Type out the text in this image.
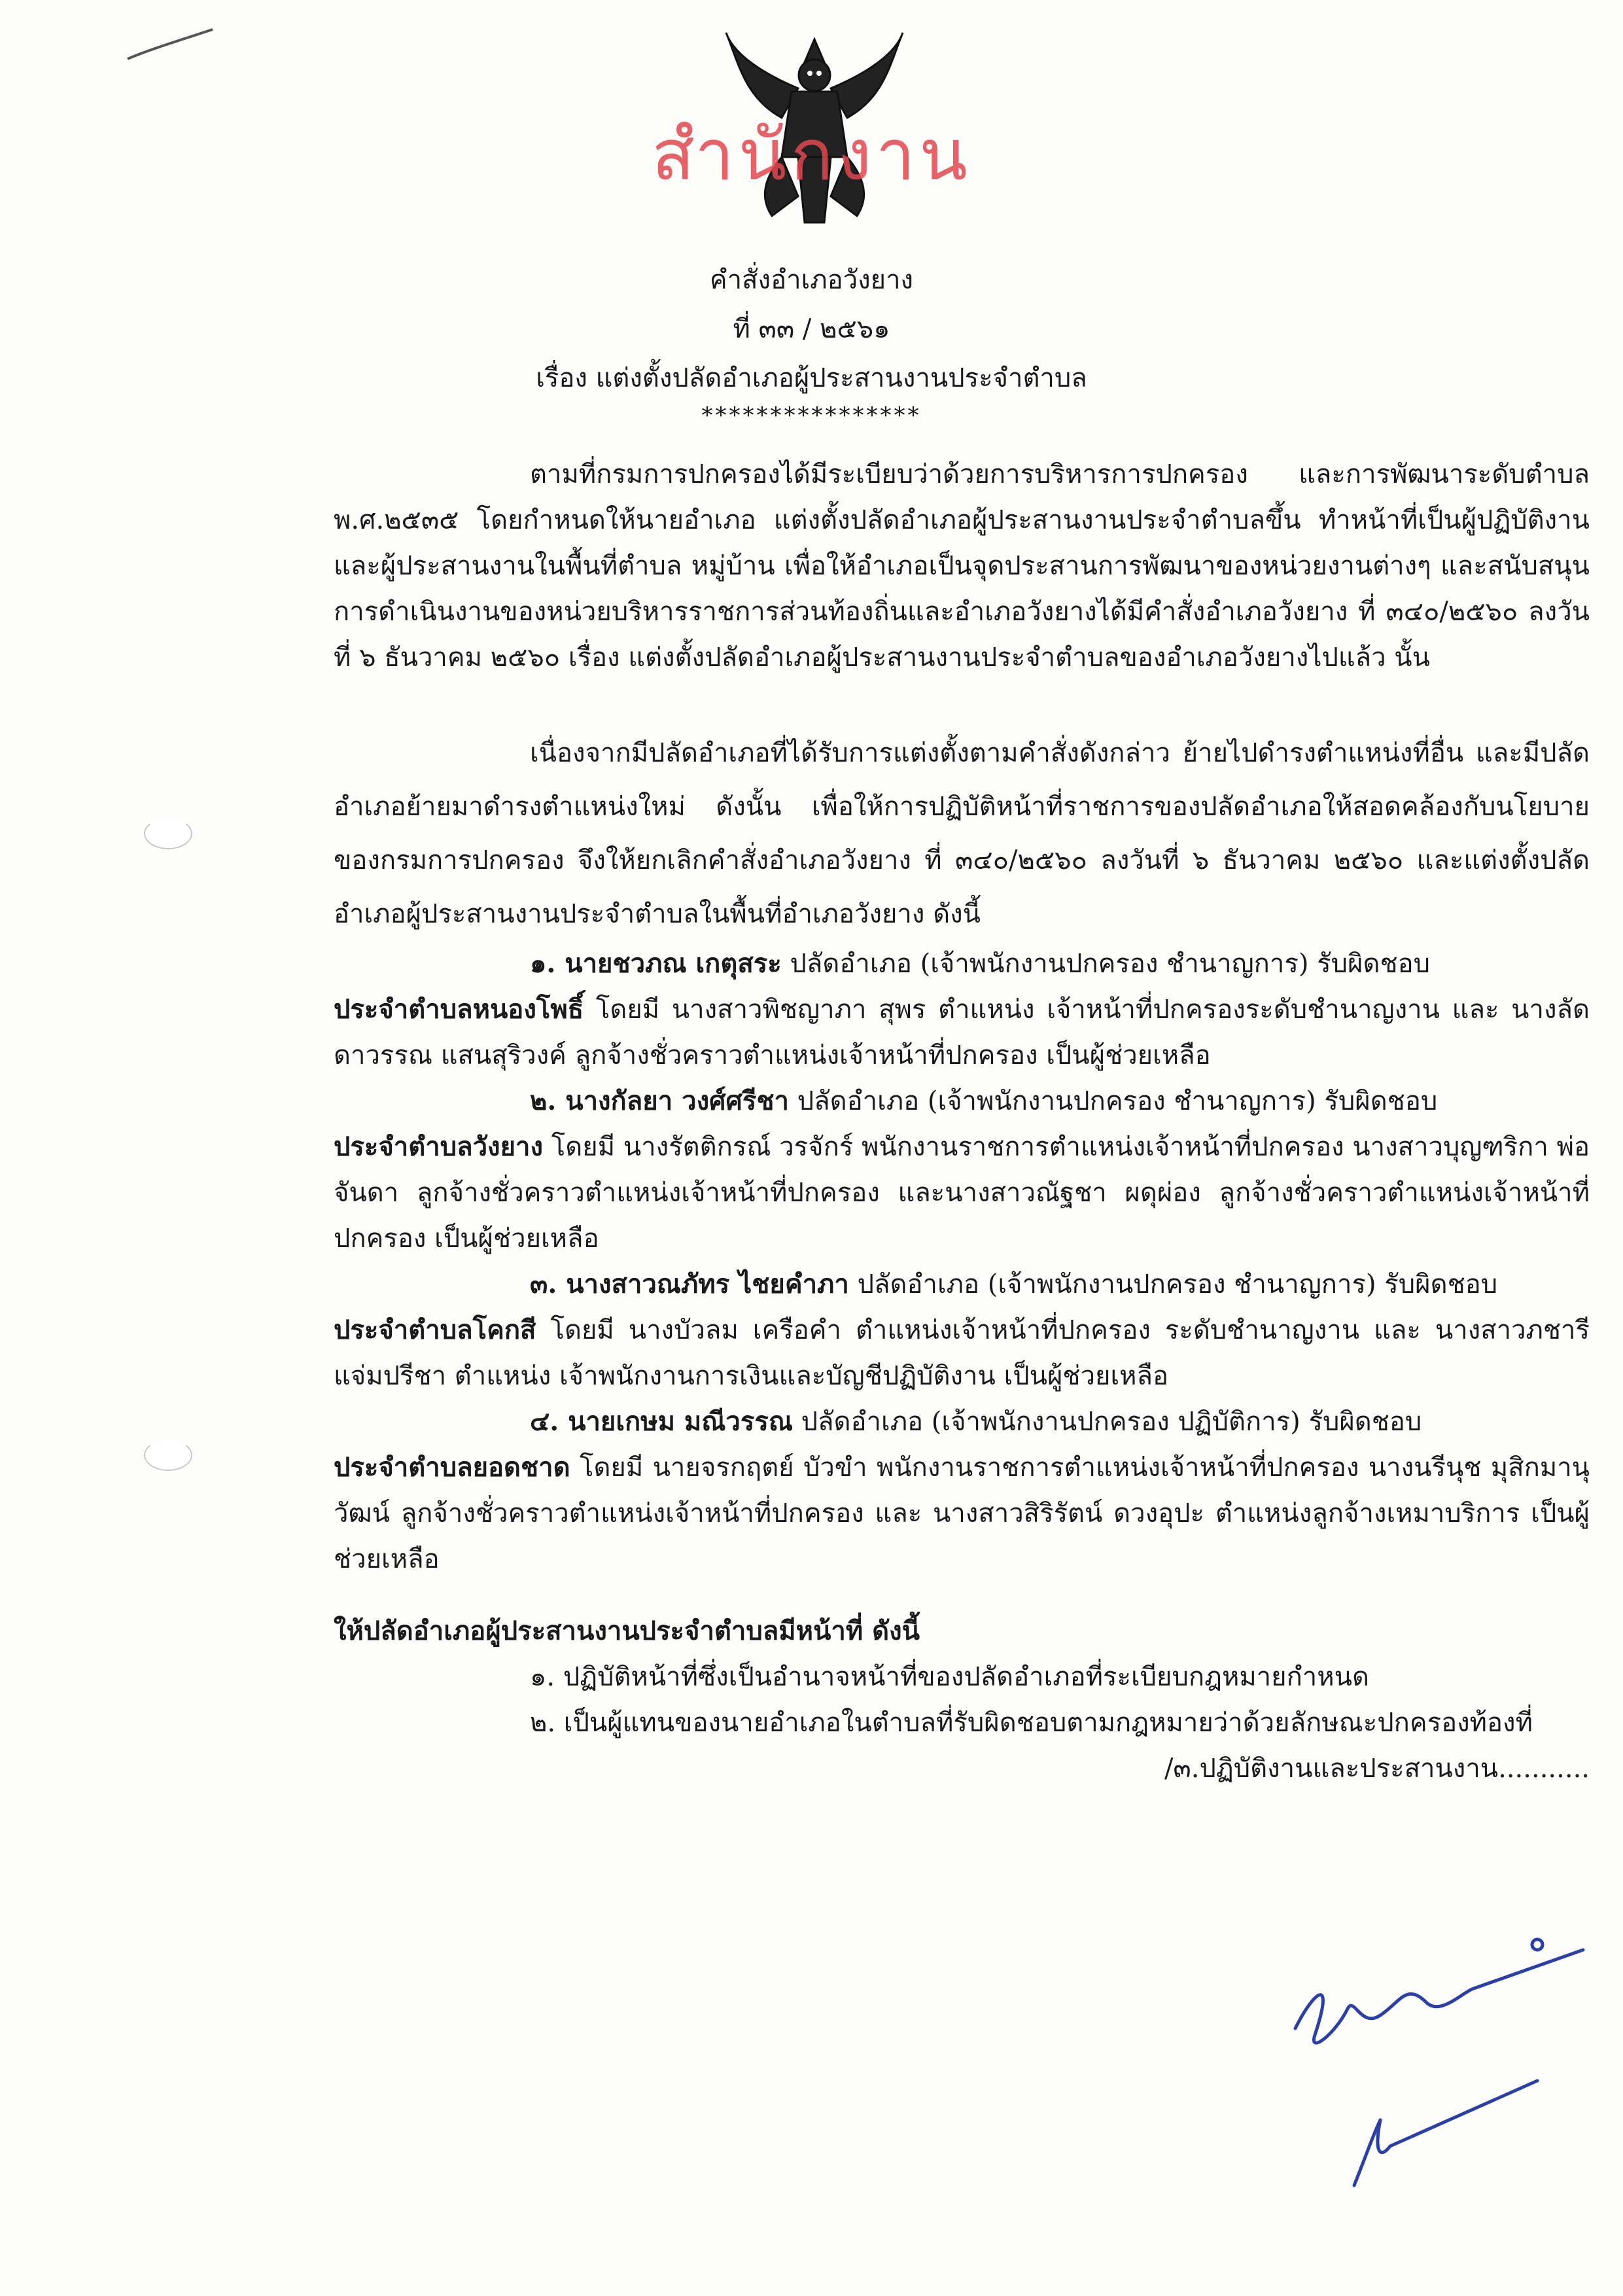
สำนักงาน
คำสั่งอำเภอวังยาง
ที่ ๓๓ / ๒๕๖๑
เรื่อง แต่งตั้งปลัดอำเภอผู้ประสานงานประจำตำบล
****************

ตามที่กรมการปกครองได้มีระเบียบว่าด้วยการบริหารการปกครอง และการพัฒนาระดับตำบล พ.ศ.๒๕๓๕ โดยกำหนดให้นายอำเภอ แต่งตั้งปลัดอำเภอผู้ประสานงานประจำตำบลขึ้น ทำหน้าที่เป็นผู้ปฏิบัติงานและผู้ประสานงานในพื้นที่ตำบล หมู่บ้าน เพื่อให้อำเภอเป็นจุดประสานการพัฒนาของหน่วยงานต่างๆ และสนับสนุนการดำเนินงานของหน่วยบริหารราชการส่วนท้องถิ่นและอำเภอวังยางได้มีคำสั่งอำเภอวังยาง ที่ ๓๔๐/๒๕๖๐ ลงวันที่ ๖ ธันวาคม ๒๕๖๐ เรื่อง แต่งตั้งปลัดอำเภอผู้ประสานงานประจำตำบลของอำเภอวังยางไปแล้ว นั้น

เนื่องจากมีปลัดอำเภอที่ได้รับการแต่งตั้งตามคำสั่งดังกล่าว ย้ายไปดำรงตำแหน่งที่อื่น และมีปลัดอำเภอย้ายมาดำรงตำแหน่งใหม่ ดังนั้น เพื่อให้การปฏิบัติหน้าที่ราชการของปลัดอำเภอให้สอดคล้องกับนโยบายของกรมการปกครอง จึงให้ยกเลิกคำสั่งอำเภอวังยาง ที่ ๓๔๐/๒๕๖๐ ลงวันที่ ๖ ธันวาคม ๒๕๖๐ และแต่งตั้งปลัดอำเภอผู้ประสานงานประจำตำบลในพื้นที่อำเภอวังยาง ดังนี้

๑. นายชวภณ เกตุสระ ปลัดอำเภอ (เจ้าพนักงานปกครอง ชำนาญการ) รับผิดชอบ

ประจำตำบลหนองโพธิ์ โดยมี นางสาวพิชญาภา สุพร ตำแหน่ง เจ้าหน้าที่ปกครองระดับชำนาญงาน และ นางลัดดาวรรณ แสนสุริวงค์ ลูกจ้างชั่วคราวตำแหน่งเจ้าหน้าที่ปกครอง เป็นผู้ช่วยเหลือ

๒. นางกัลยา วงศ์ศรีชา ปลัดอำเภอ (เจ้าพนักงานปกครอง ชำนาญการ) รับผิดชอบ

ประจำตำบลวังยาง โดยมี นางรัตติกรณ์ วรจักร์ พนักงานราชการตำแหน่งเจ้าหน้าที่ปกครอง นางสาวบุญฑริกา พ่อจันดา ลูกจ้างชั่วคราวตำแหน่งเจ้าหน้าที่ปกครอง และนางสาวณัฐชา ผดุผ่อง ลูกจ้างชั่วคราวตำแหน่งเจ้าหน้าที่ปกครอง เป็นผู้ช่วยเหลือ

๓. นางสาวณภัทร ไชยคำภา ปลัดอำเภอ (เจ้าพนักงานปกครอง ชำนาญการ) รับผิดชอบ

ประจำตำบลโคกสี โดยมี นางบัวลม เครือคำ ตำแหน่งเจ้าหน้าที่ปกครอง ระดับชำนาญงาน และ นางสาวภชารี แจ่มปรีชา ตำแหน่ง เจ้าพนักงานการเงินและบัญชีปฏิบัติงาน เป็นผู้ช่วยเหลือ

๔. นายเกษม มณีวรรณ ปลัดอำเภอ (เจ้าพนักงานปกครอง ปฏิบัติการ) รับผิดชอบ

ประจำตำบลยอดชาด โดยมี นายจรกฤตย์ บัวขำ พนักงานราชการตำแหน่งเจ้าหน้าที่ปกครอง นางนรีนุช มุสิกมานุวัฒน์ ลูกจ้างชั่วคราวตำแหน่งเจ้าหน้าที่ปกครอง และ นางสาวสิริรัตน์ ดวงอุปะ ตำแหน่งลูกจ้างเหมาบริการ เป็นผู้ช่วยเหลือ

ให้ปลัดอำเภอผู้ประสานงานประจำตำบลมีหน้าที่ ดังนี้

๑. ปฏิบัติหน้าที่ซึ่งเป็นอำนาจหน้าที่ของปลัดอำเภอที่ระเบียบกฎหมายกำหนด

๒. เป็นผู้แทนของนายอำเภอในตำบลที่รับผิดชอบตามกฎหมายว่าด้วยลักษณะปกครองท้องที่

/๓.ปฏิบัติงานและประสานงาน...........
